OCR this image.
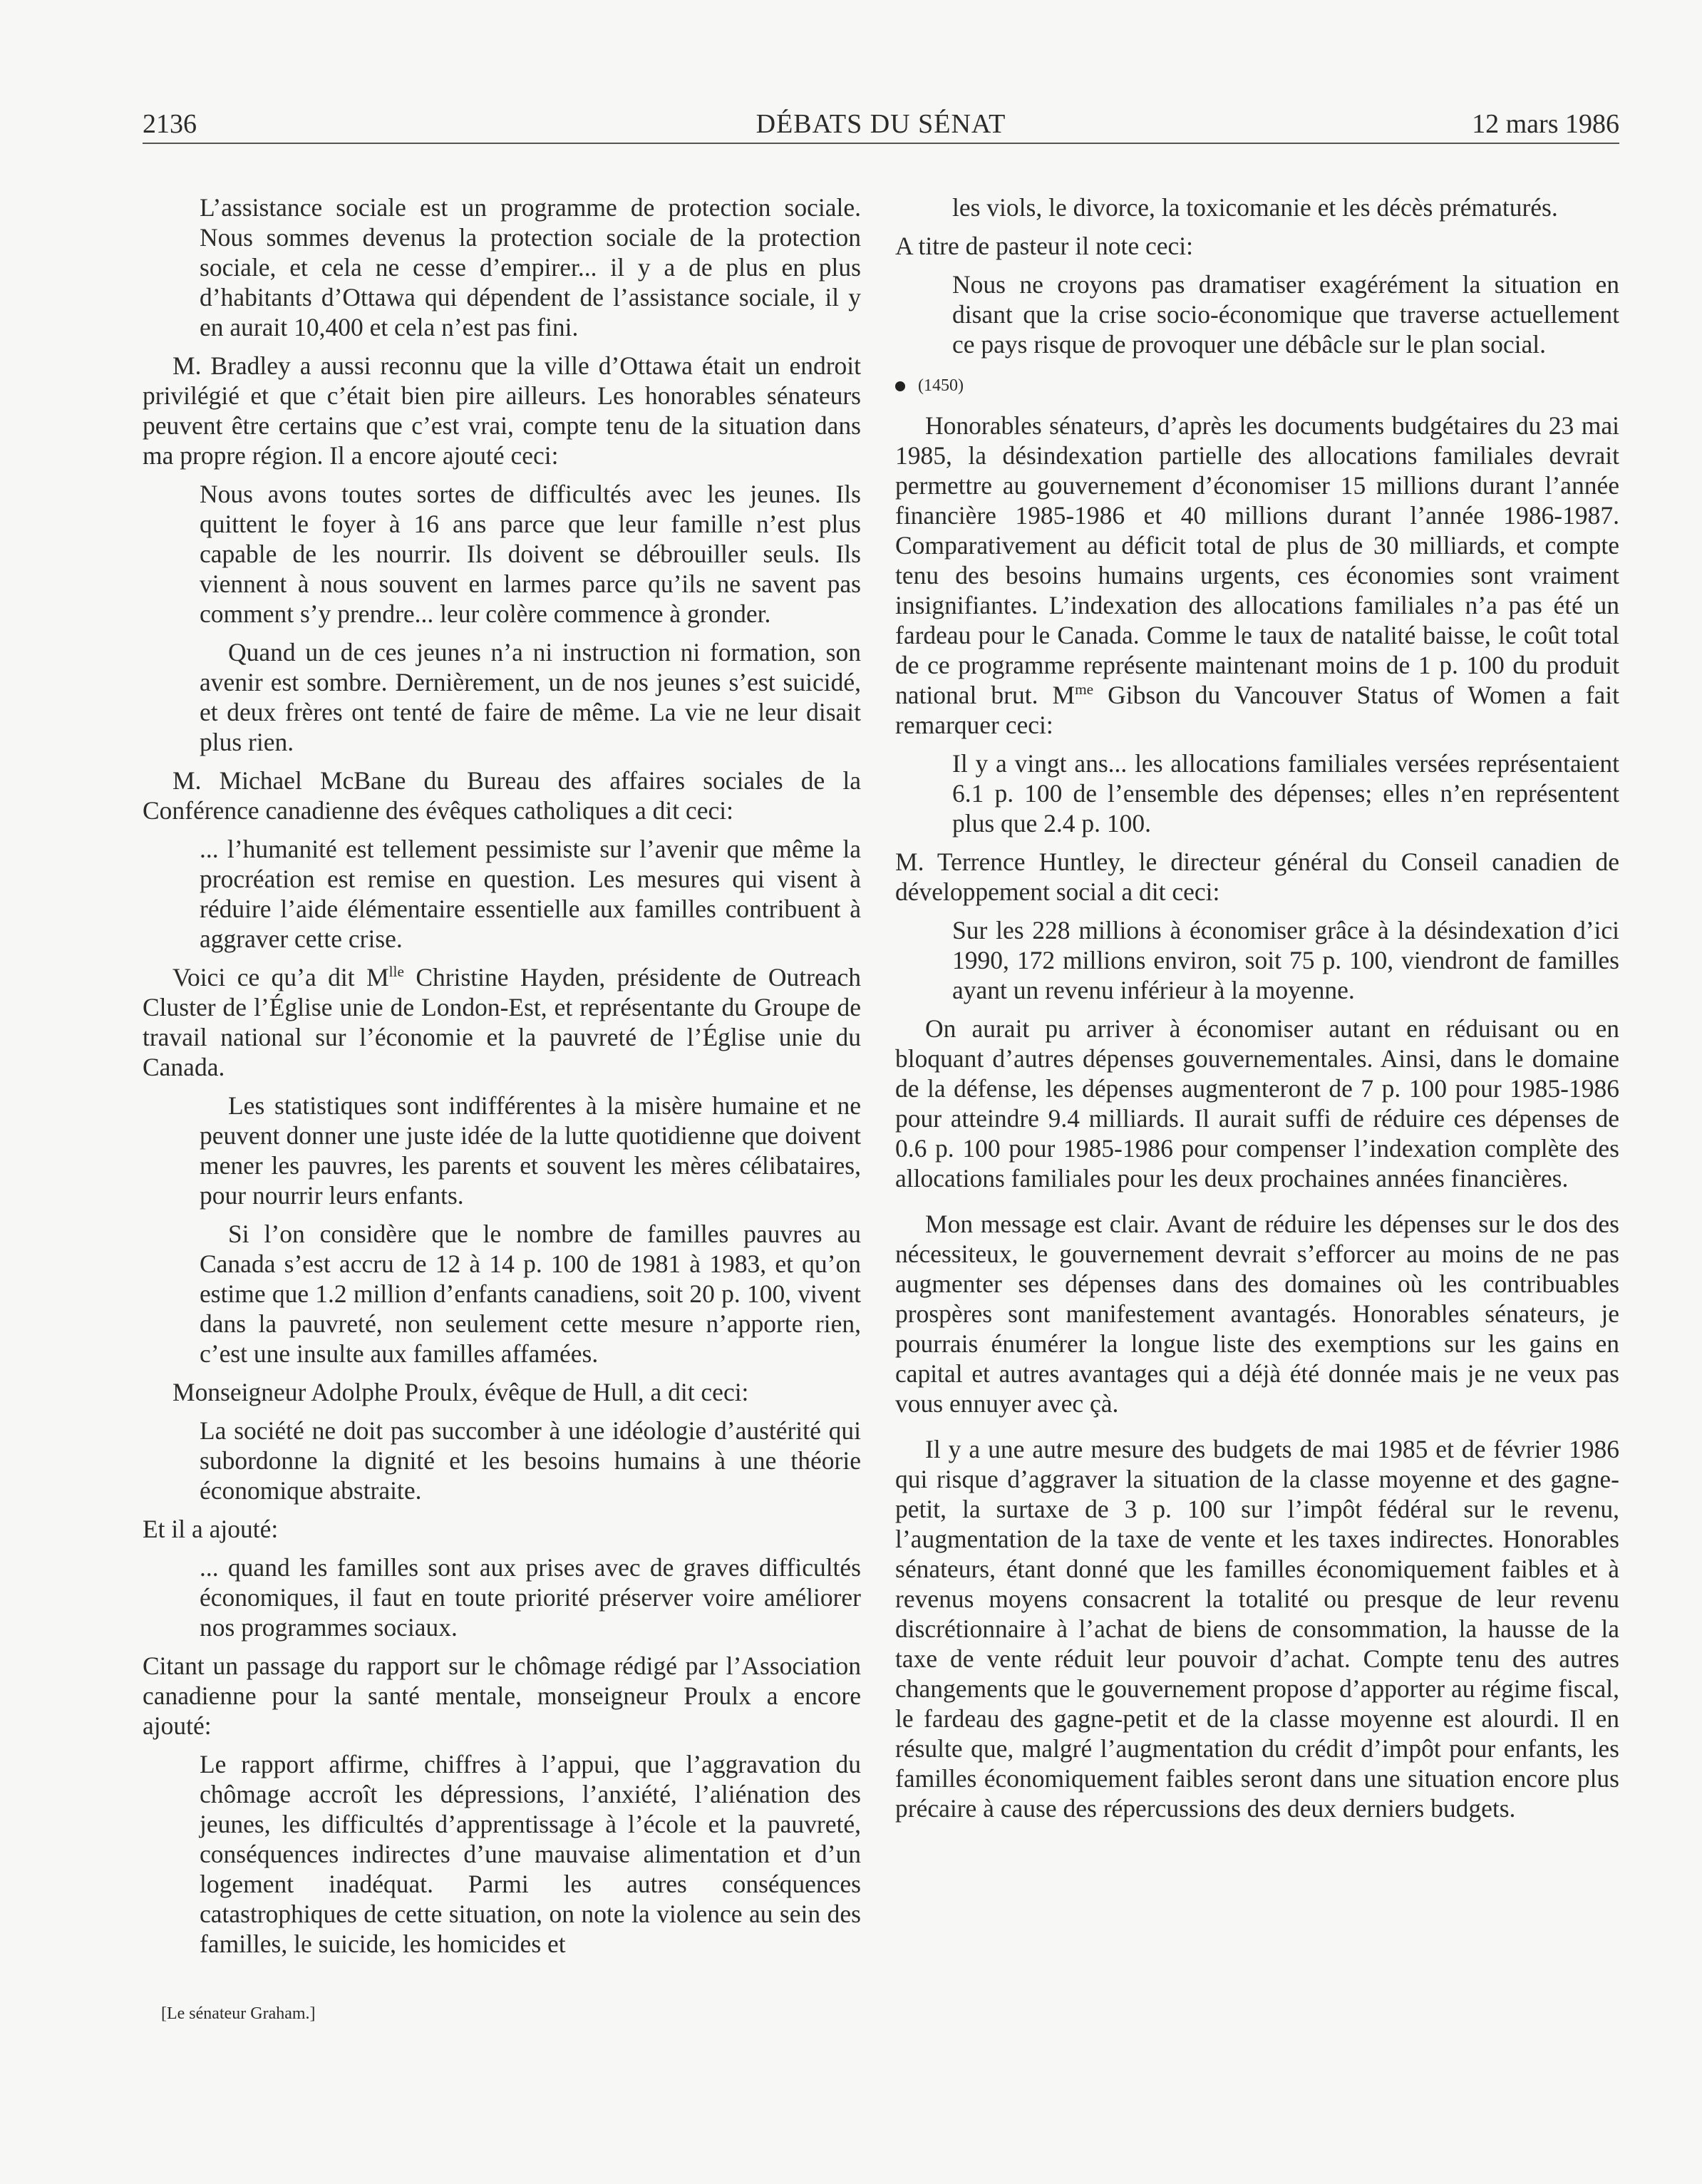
2136	DÉBATS DU SÉNAT	12 mars 1986

L’assistance sociale est un programme de protection sociale. Nous sommes devenus la protection sociale de la protection sociale, et cela ne cesse d’empirer... il y a de plus en plus d’habitants d’Ottawa qui dépendent de l’assistance sociale, il y en aurait 10,400 et cela n’est pas fini.

M. Bradley a aussi reconnu que la ville d’Ottawa était un endroit privilégié et que c’était bien pire ailleurs. Les honorables sénateurs peuvent être certains que c’est vrai, compte tenu de la situation dans ma propre région. Il a encore ajouté ceci:

Nous avons toutes sortes de difficultés avec les jeunes. Ils quittent le foyer à 16 ans parce que leur famille n’est plus capable de les nourrir. Ils doivent se débrouiller seuls. Ils viennent à nous souvent en larmes parce qu’ils ne savent pas comment s’y prendre... leur colère commence à gronder.

Quand un de ces jeunes n’a ni instruction ni formation, son avenir est sombre. Dernièrement, un de nos jeunes s’est suicidé, et deux frères ont tenté de faire de même. La vie ne leur disait plus rien.

M. Michael McBane du Bureau des affaires sociales de la Conférence canadienne des évêques catholiques a dit ceci:

... l’humanité est tellement pessimiste sur l’avenir que même la procréation est remise en question. Les mesures qui visent à réduire l’aide élémentaire essentielle aux familles contribuent à aggraver cette crise.

Voici ce qu’a dit $M^{lle}$ Christine Hayden, présidente de Outreach Cluster de l’Église unie de London-Est, et représentante du Groupe de travail national sur l’économie et la pauvreté de l’Église unie du Canada.

Les statistiques sont indifférentes à la misère humaine et ne peuvent donner une juste idée de la lutte quotidienne que doivent mener les pauvres, les parents et souvent les mères célibataires, pour nourrir leurs enfants.

Si l’on considère que le nombre de familles pauvres au Canada s’est accru de 12 à 14 p. 100 de 1981 à 1983, et qu’on estime que 1.2 million d’enfants canadiens, soit 20 p. 100, vivent dans la pauvreté, non seulement cette mesure n’apporte rien, c’est une insulte aux familles affamées.

Monseigneur Adolphe Proulx, évêque de Hull, a dit ceci:

La société ne doit pas succomber à une idéologie d’austérité qui subordonne la dignité et les besoins humains à une théorie économique abstraite.

Et il a ajouté:

... quand les familles sont aux prises avec de graves difficultés économiques, il faut en toute priorité préserver voire améliorer nos programmes sociaux.

Citant un passage du rapport sur le chômage rédigé par l’Association canadienne pour la santé mentale, monseigneur Proulx a encore ajouté:

Le rapport affirme, chiffres à l’appui, que l’aggravation du chômage accroît les dépressions, l’anxiété, l’aliénation des jeunes, les difficultés d’apprentissage à l’école et la pauvreté, conséquences indirectes d’une mauvaise alimentation et d’un logement inadéquat. Parmi les autres conséquences catastrophiques de cette situation, on note la violence au sein des familles, le suicide, les homicides et

les viols, le divorce, la toxicomanie et les décès prématurés.

A titre de pasteur il note ceci:

Nous ne croyons pas dramatiser exagérément la situation en disant que la crise socio-économique que traverse actuellement ce pays risque de provoquer une débâcle sur le plan social.

(1450)

Honorables sénateurs, d’après les documents budgétaires du 23 mai 1985, la désindexation partielle des allocations familiales devrait permettre au gouvernement d’économiser 15 millions durant l’année financière 1985-1986 et 40 millions durant l’année 1986-1987. Comparativement au déficit total de plus de 30 milliards, et compte tenu des besoins humains urgents, ces économies sont vraiment insignifiantes. L’indexation des allocations familiales n’a pas été un fardeau pour le Canada. Comme le taux de natalité baisse, le coût total de ce programme représente maintenant moins de 1 p. 100 du produit national brut. $M^{me}$ Gibson du Vancouver Status of Women a fait remarquer ceci:

Il y a vingt ans... les allocations familiales versées représentaient 6.1 p. 100 de l’ensemble des dépenses; elles n’en représentent plus que 2.4 p. 100.

M. Terrence Huntley, le directeur général du Conseil canadien de développement social a dit ceci:

Sur les 228 millions à économiser grâce à la désindexation d’ici 1990, 172 millions environ, soit 75 p. 100, viendront de familles ayant un revenu inférieur à la moyenne.

On aurait pu arriver à économiser autant en réduisant ou en bloquant d’autres dépenses gouvernementales. Ainsi, dans le domaine de la défense, les dépenses augmenteront de 7 p. 100 pour 1985-1986 pour atteindre 9.4 milliards. Il aurait suffi de réduire ces dépenses de 0.6 p. 100 pour 1985-1986 pour compenser l’indexation complète des allocations familiales pour les deux prochaines années financières.

Mon message est clair. Avant de réduire les dépenses sur le dos des nécessiteux, le gouvernement devrait s’efforcer au moins de ne pas augmenter ses dépenses dans des domaines où les contribuables prospères sont manifestement avantagés. Honorables sénateurs, je pourrais énumérer la longue liste des exemptions sur les gains en capital et autres avantages qui a déjà été donnée mais je ne veux pas vous ennuyer avec çà.

Il y a une autre mesure des budgets de mai 1985 et de février 1986 qui risque d’aggraver la situation de la classe moyenne et des gagne-petit, la surtaxe de 3 p. 100 sur l’impôt fédéral sur le revenu, l’augmentation de la taxe de vente et les taxes indirectes. Honorables sénateurs, étant donné que les familles économiquement faibles et à revenus moyens consacrent la totalité ou presque de leur revenu discrétionnaire à l’achat de biens de consommation, la hausse de la taxe de vente réduit leur pouvoir d’achat. Compte tenu des autres changements que le gouvernement propose d’apporter au régime fiscal, le fardeau des gagne-petit et de la classe moyenne est alourdi. Il en résulte que, malgré l’augmentation du crédit d’impôt pour enfants, les familles économiquement faibles seront dans une situation encore plus précaire à cause des répercussions des deux derniers budgets.

[Le sénateur Graham.]
